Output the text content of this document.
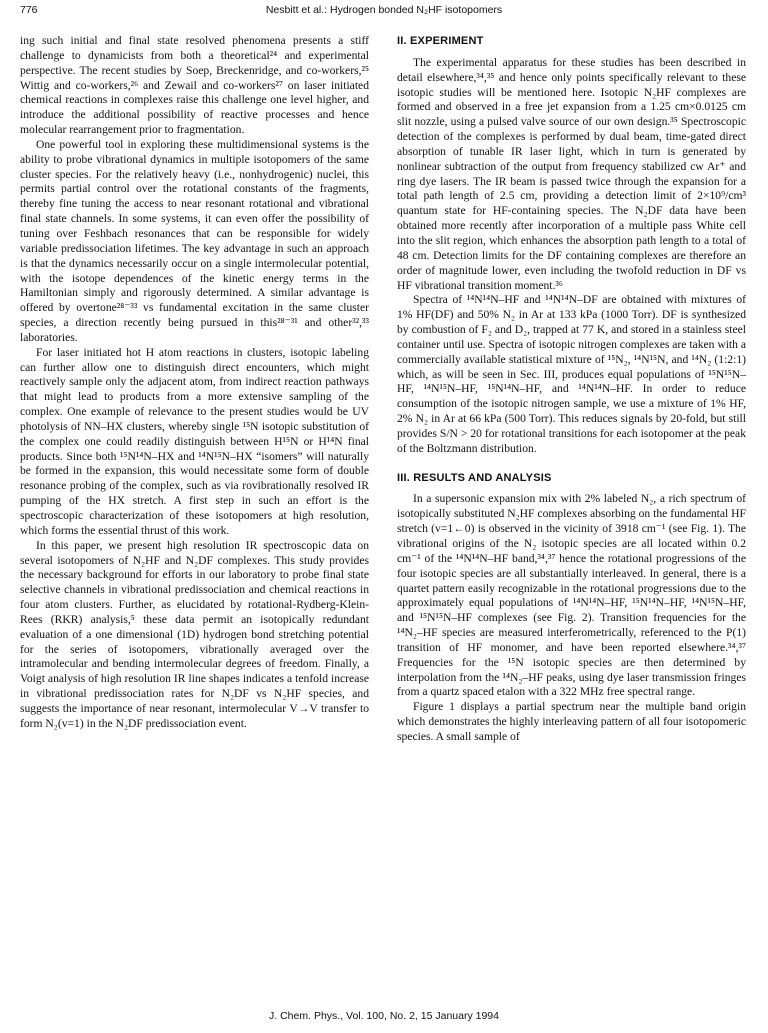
776	Nesbitt et al.: Hydrogen bonded N₂HF isotopomers

ing such initial and final state resolved phenomena presents a stiff challenge to dynamicists from both a theoretical²⁴ and experimental perspective. The recent studies by Soep, Breckenridge, and co-workers,²⁵ Wittig and co-workers,²⁶ and Zewail and co-workers²⁷ on laser initiated chemical reactions in complexes raise this challenge one level higher, and introduce the additional possibility of reactive processes and hence molecular rearrangement prior to fragmentation.

One powerful tool in exploring these multidimensional systems is the ability to probe vibrational dynamics in multiple isotopomers of the same cluster species. For the relatively heavy (i.e., nonhydrogenic) nuclei, this permits partial control over the rotational constants of the fragments, thereby fine tuning the access to near resonant rotational and vibrational final state channels. In some systems, it can even offer the possibility of tuning over Feshbach resonances that can be responsible for widely variable predissociation lifetimes. The key advantage in such an approach is that the dynamics necessarily occur on a single intermolecular potential, with the isotope dependences of the kinetic energy terms in the Hamiltonian simply and rigorously determined. A similar advantage is offered by overtone²⁸⁻³³ vs fundamental excitation in the same cluster species, a direction recently being pursued in this²⁸⁻³¹ and other³²,³³ laboratories.

For laser initiated hot H atom reactions in clusters, isotopic labeling can further allow one to distinguish direct encounters, which might reactively sample only the adjacent atom, from indirect reaction pathways that might lead to products from a more extensive sampling of the complex. One example of relevance to the present studies would be UV photolysis of NN–HX clusters, whereby single ¹⁵N isotopic substitution of the complex one could readily distinguish between H¹⁵N or H¹⁴N final products. Since both ¹⁵N¹⁴N–HX and ¹⁴N¹⁵N–HX “isomers” will naturally be formed in the expansion, this would necessitate some form of double resonance probing of the complex, such as via rovibrationally resolved IR pumping of the HX stretch. A first step in such an effort is the spectroscopic characterization of these isotopomers at high resolution, which forms the essential thrust of this work.

In this paper, we present high resolution IR spectroscopic data on several isotopomers of N₂HF and N₂DF complexes. This study provides the necessary background for efforts in our laboratory to probe final state selective channels in vibrational predissociation and chemical reactions in four atom clusters. Further, as elucidated by rotational-Rydberg-Klein-Rees (RKR) analysis,⁵ these data permit an isotopically redundant evaluation of a one dimensional (1D) hydrogen bond stretching potential for the series of isotopomers, vibrationally averaged over the intramolecular and bending intermolecular degrees of freedom. Finally, a Voigt analysis of high resolution IR line shapes indicates a tenfold increase in vibrational predissociation rates for N₂DF vs N₂HF species, and suggests the importance of near resonant, intermolecular V→V transfer to form N₂(v=1) in the N₂DF predissociation event.

II. EXPERIMENT

The experimental apparatus for these studies has been described in detail elsewhere,³⁴,³⁵ and hence only points specifically relevant to these isotopic studies will be mentioned here. Isotopic N₂HF complexes are formed and observed in a free jet expansion from a 1.25 cm×0.0125 cm slit nozzle, using a pulsed valve source of our own design.³⁵ Spectroscopic detection of the complexes is performed by dual beam, time-gated direct absorption of tunable IR laser light, which in turn is generated by nonlinear subtraction of the output from frequency stabilized cw Ar⁺ and ring dye lasers. The IR beam is passed twice through the expansion for a total path length of 2.5 cm, providing a detection limit of 2×10⁹/cm³ quantum state for HF-containing species. The N₂DF data have been obtained more recently after incorporation of a multiple pass White cell into the slit region, which enhances the absorption path length to a total of 48 cm. Detection limits for the DF containing complexes are therefore an order of magnitude lower, even including the twofold reduction in DF vs HF vibrational transition moment.³⁶

Spectra of ¹⁴N¹⁴N–HF and ¹⁴N¹⁴N–DF are obtained with mixtures of 1% HF(DF) and 50% N₂ in Ar at 133 kPa (1000 Torr). DF is synthesized by combustion of F₂ and D₂, trapped at 77 K, and stored in a stainless steel container until use. Spectra of isotopic nitrogen complexes are taken with a commercially available statistical mixture of ¹⁵N₂, ¹⁴N¹⁵N, and ¹⁴N₂ (1:2:1) which, as will be seen in Sec. III, produces equal populations of ¹⁵N¹⁵N–HF, ¹⁴N¹⁵N–HF, ¹⁵N¹⁴N–HF, and ¹⁴N¹⁴N–HF. In order to reduce consumption of the isotopic nitrogen sample, we use a mixture of 1% HF, 2% N₂ in Ar at 66 kPa (500 Torr). This reduces signals by 20-fold, but still provides S/N > 20 for rotational transitions for each isotopomer at the peak of the Boltzmann distribution.

III. RESULTS AND ANALYSIS

In a supersonic expansion mix with 2% labeled N₂, a rich spectrum of isotopically substituted N₂HF complexes absorbing on the fundamental HF stretch (v=1←0) is observed in the vicinity of 3918 cm⁻¹ (see Fig. 1). The vibrational origins of the N₂ isotopic species are all located within 0.2 cm⁻¹ of the ¹⁴N¹⁴N–HF band,³⁴,³⁷ hence the rotational progressions of the four isotopic species are all substantially interleaved. In general, there is a quartet pattern easily recognizable in the rotational progressions due to the approximately equal populations of ¹⁴N¹⁴N–HF, ¹⁵N¹⁴N–HF, ¹⁴N¹⁵N–HF, and ¹⁵N¹⁵N–HF complexes (see Fig. 2). Transition frequencies for the ¹⁴N₂–HF species are measured interferometrically, referenced to the P(1) transition of HF monomer, and have been reported elsewhere.³⁴,³⁷ Frequencies for the ¹⁵N isotopic species are then determined by interpolation from the ¹⁴N₂–HF peaks, using dye laser transmission fringes from a quartz spaced etalon with a 322 MHz free spectral range.

Figure 1 displays a partial spectrum near the multiple band origin which demonstrates the highly interleaving pattern of all four isotopomeric species. A small sample of

J. Chem. Phys., Vol. 100, No. 2, 15 January 1994
